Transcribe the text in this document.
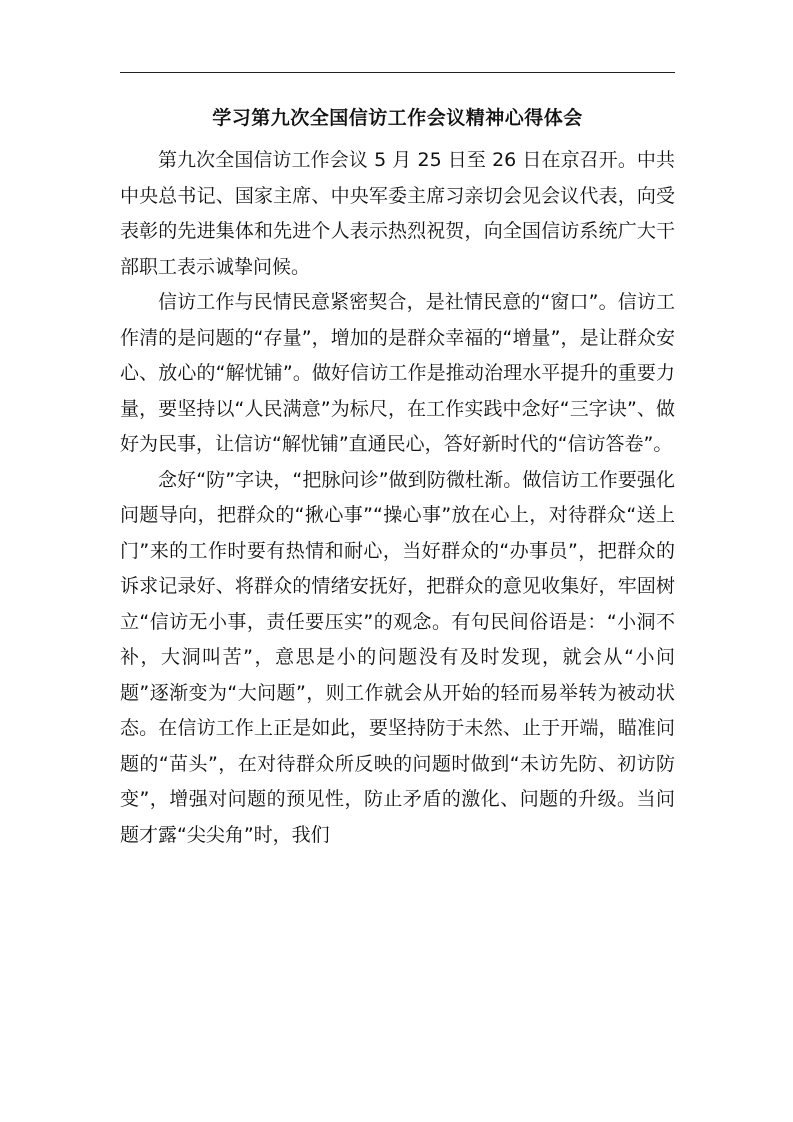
学习第九次全国信访工作会议精神心得体会

第九次全国信访工作会议 5 月 25 日至 26 日在京召开。中共中央总书记、国家主席、中央军委主席习亲切会见会议代表，向受表彰的先进集体和先进个人表示热烈祝贺，向全国信访系统广大干部职工表示诚挚问候。

信访工作与民情民意紧密契合，是社情民意的“窗口”。信访工作清的是问题的“存量”，增加的是群众幸福的“增量”，是让群众安心、放心的“解忧铺”。做好信访工作是推动治理水平提升的重要力量，要坚持以“人民满意”为标尺，在工作实践中念好“三字诀”、做好为民事，让信访“解忧铺”直通民心，答好新时代的“信访答卷”。

念好“防”字诀，“把脉问诊”做到防微杜渐。做信访工作要强化问题导向，把群众的“揪心事”“操心事”放在心上，对待群众“送上门”来的工作时要有热情和耐心，当好群众的“办事员”，把群众的诉求记录好、将群众的情绪安抚好，把群众的意见收集好，牢固树立“信访无小事，责任要压实”的观念。有句民间俗语是：“小洞不补，大洞叫苦”，意思是小的问题没有及时发现，就会从“小问题”逐渐变为“大问题”，则工作就会从开始的轻而易举转为被动状态。在信访工作上正是如此，要坚持防于未然、止于开端，瞄准问题的“苗头”，在对待群众所反映的问题时做到“未访先防、初访防变”，增强对问题的预见性，防止矛盾的激化、问题的升级。当问题才露“尖尖角”时，我们
